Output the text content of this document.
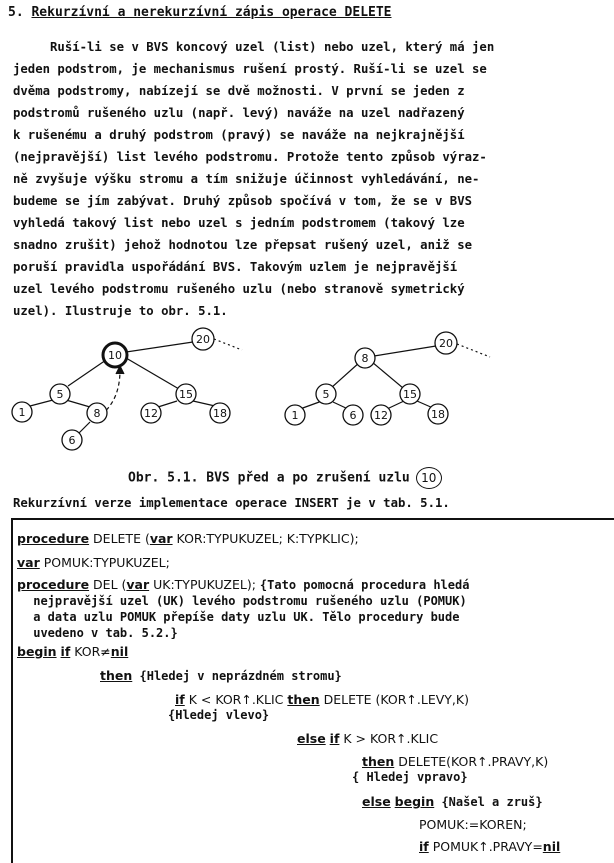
5. Rekurzívní a nerekurzívní zápis operace DELETE
Ruší-li se v BVS koncový uzel (list) nebo uzel, který má jen
jeden podstrom, je mechanismus rušení prostý. Ruší-li se uzel se
dvěma podstromy, nabízejí se dvě možnosti. V první se jeden z
podstromů rušeného uzlu (např. levý) naváže na uzel nadřazený
k rušenému a druhý podstrom (pravý) se naváže na nejkrajnější
(nejpravější) list levého podstromu. Protože tento způsob výraz-
ně zvyšuje výšku stromu a tím snižuje účinnost vyhledávání, ne-
budeme se jím zabývat. Druhý způsob spočívá v tom, že se v BVS
vyhledá takový list nebo uzel s jedním podstromem (takový lze
snadno zrušit) jehož hodnotou lze přepsat rušený uzel, aniž se
poruší pravidla uspořádání BVS. Takovým uzlem je nejpravější
uzel levého podstromu rušeného uzlu (nebo stranově symetrický
uzel). Ilustruje to obr. 5.1.
10
20
5	15
1	8	12	18
6
8
20
5	15
1	6 12	18
Obr. 5.1. BVS před a po zrušení uzlu 10
Rekurzívní verze implementace operace INSERT je v tab. 5.1.
procedure DELETE (var KOR:TYPUKUZEL; K:TYPKLIC);
var POMUK:TYPUKUZEL;
procedure DEL (var UK:TYPUKUZEL); {Tato pomocná procedura hledá
nejpravější uzel (UK) levého podstromu rušeného uzlu (POMUK)
a data uzlu POMUK přepíše daty uzlu UK. Tělo procedury bude
uvedeno v tab. 5.2.}
begin if KOR≠nil
then {Hledej v neprázdném stromu}
if K < KOR↑.KLIC then DELETE (KOR↑.LEVY,K)
{Hledej vlevo}
else if K > KOR↑.KLIC
then DELETE(KOR↑.PRAVY,K)
{ Hledej vpravo}
else begin {Našel a zruš}
POMUK:=KOREN;
if POMUK↑.PRAVY=nil
